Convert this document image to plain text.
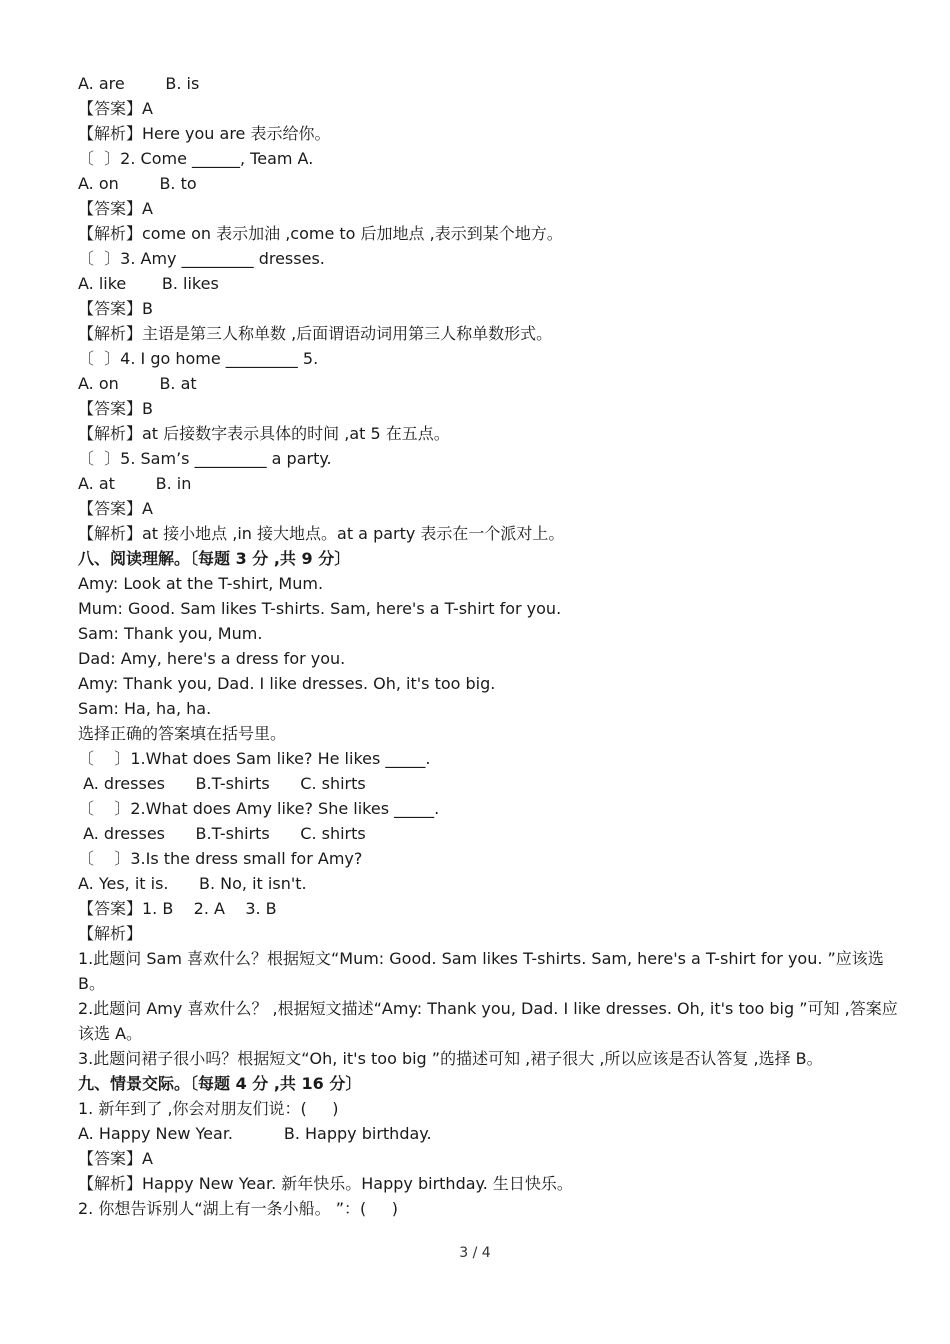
A. are        B. is
【答案】A
【解析】Here you are 表示给你。
〔  〕2. Come ______, Team A.
A. on        B. to
【答案】A
【解析】come on 表示加油 ,come to 后加地点 ,表示到某个地方。
〔  〕3. Amy _________ dresses.
A. like       B. likes
【答案】B
【解析】主语是第三人称单数 ,后面谓语动词用第三人称单数形式。
〔  〕4. I go home _________ 5.
A. on        B. at
【答案】B
【解析】at 后接数字表示具体的时间 ,at 5 在五点。
〔  〕5. Sam’s _________ a party.
A. at        B. in
【答案】A
【解析】at 接小地点 ,in 接大地点。at a party 表示在一个派对上。
八、阅读理解。〔每题 3 分 ,共 9 分〕
Amy: Look at the T-shirt, Mum.
Mum: Good. Sam likes T-shirts. Sam, here's a T-shirt for you.
Sam: Thank you, Mum.
Dad: Amy, here's a dress for you.
Amy: Thank you, Dad. I like dresses. Oh, it's too big.
Sam: Ha, ha, ha.
选择正确的答案填在括号里。
〔    〕1.What does Sam like? He likes _____.
A. dresses      B.T-shirts      C. shirts
〔    〕2.What does Amy like? She likes _____.
A. dresses      B.T-shirts      C. shirts
〔    〕3.Is the dress small for Amy?
A. Yes, it is.      B. No, it isn't.
【答案】1. B    2. A    3. B
【解析】
1.此题问 Sam 喜欢什么？根据短文“Mum: Good. Sam likes T-shirts. Sam, here's a T-shirt for you. ”应该选 B。
2.此题问 Amy 喜欢什么？ ,根据短文描述“Amy: Thank you, Dad. I like dresses. Oh, it's too big ”可知 ,答案应该选 A。
3.此题问裙子很小吗？根据短文“Oh, it's too big ”的描述可知 ,裙子很大 ,所以应该是否认答复 ,选择 B。
九、情景交际。〔每题 4 分 ,共 16 分〕
1. 新年到了 ,你会对朋友们说：(     )
A. Happy New Year.          B. Happy birthday.
【答案】A
【解析】Happy New Year. 新年快乐。Happy birthday. 生日快乐。
2. 你想告诉别人“湖上有一条小船。 ”：(     )
3 / 4
